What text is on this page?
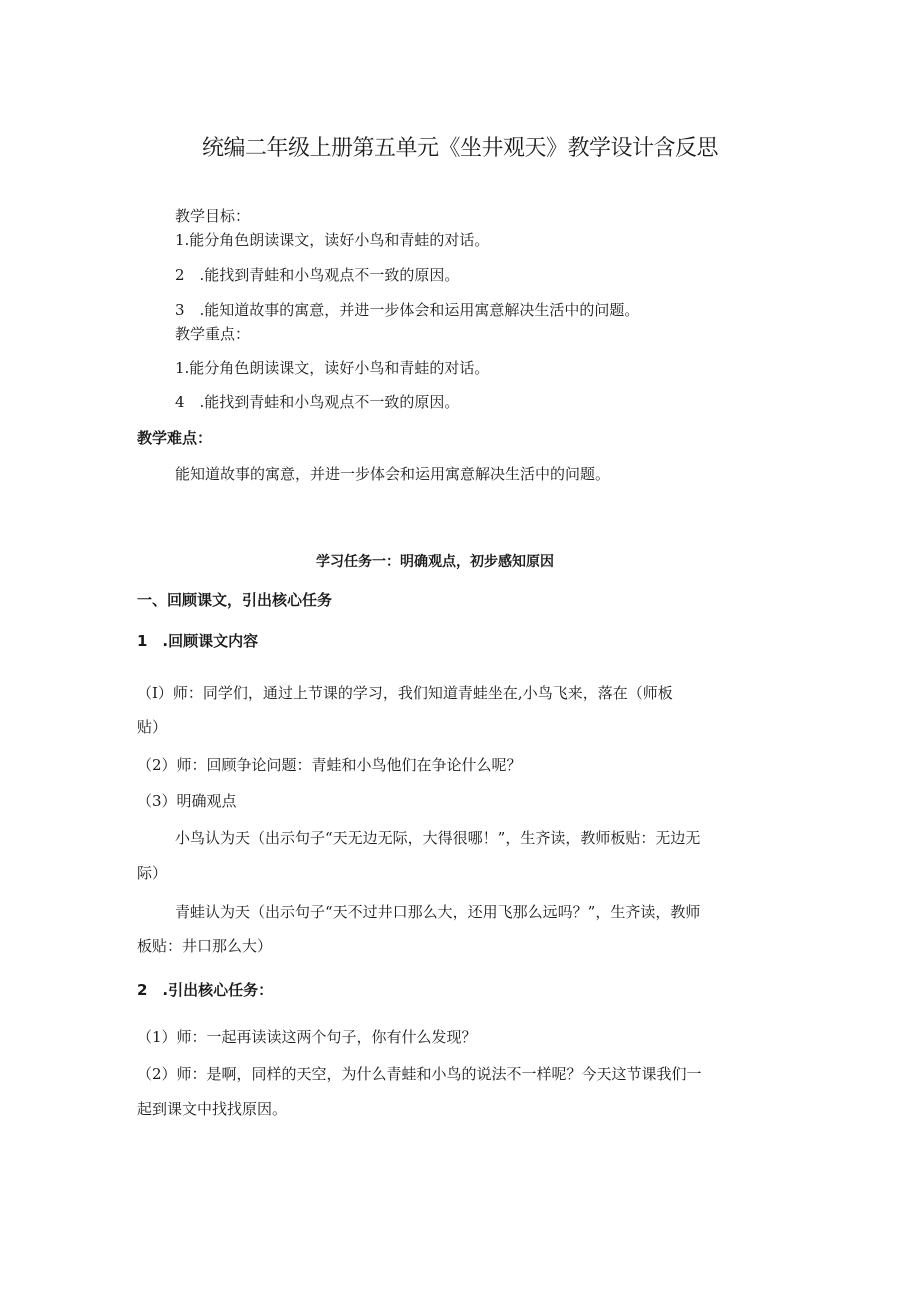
统编二年级上册第五单元《坐井观天》教学设计含反思
教学目标：
1.能分角色朗读课文，读好小鸟和青蛙的对话。
2　.能找到青蛙和小鸟观点不一致的原因。
3　.能知道故事的寓意，并进一步体会和运用寓意解决生活中的问题。
教学重点：
1.能分角色朗读课文，读好小鸟和青蛙的对话。
4　.能找到青蛙和小鸟观点不一致的原因。
教学难点：
能知道故事的寓意，并进一步体会和运用寓意解决生活中的问题。
学习任务一：明确观点，初步感知原因
一、回顾课文，引出核心任务
1　.回顾课文内容
（I）师：同学们，通过上节课的学习，我们知道青蛙坐在,小鸟飞来，落在（师板
贴）
（2）师：回顾争论问题：青蛙和小鸟他们在争论什么呢？
（3）明确观点
小鸟认为天（出示句子“天无边无际，大得很哪！”，生齐读，教师板贴：无边无
际）
青蛙认为天（出示句子“天不过井口那么大，还用飞那么远吗？”，生齐读，教师
板贴：井口那么大）
2　.引出核心任务：
（1）师：一起再读读这两个句子，你有什么发现？
（2）师：是啊，同样的天空，为什么青蛙和小鸟的说法不一样呢？今天这节课我们一
起到课文中找找原因。
